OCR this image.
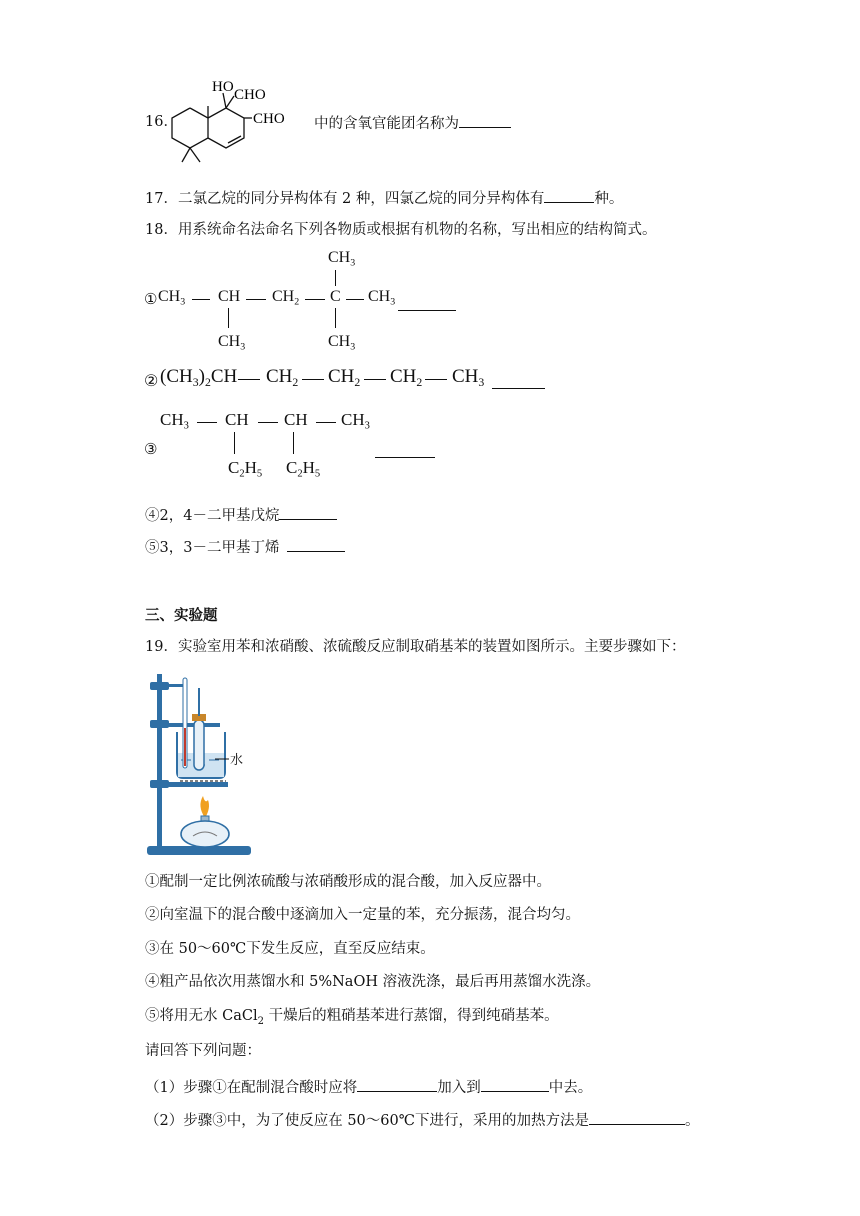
16．
HO CHO
CHO 中的含氧官能团名称为
17．二氯乙烷的同分异构体有 2 种，四氯乙烷的同分异构体有	种。
18．用系统命名法命名下列各物质或根据有机物的名称，写出相应的结构简式。
① $CH_3$ CH
$CH_3$
$CH_2$ C
$CH_3$
$CH_3$
$CH_3$
② $(CH_3)_2CH$ $CH_2$ $CH_2$ $CH_2$ $CH_3$
③
$CH_3$ CH
$C_2H_5$
CH
$C_2H_5$
$CH_3$
④2，4－二甲基戊烷
⑤3，3－二甲基丁烯
三、实验题
19．实验室用苯和浓硝酸、浓硫酸反应制取硝基苯的装置如图所示。主要步骤如下：
水
①配制一定比例浓硫酸与浓硝酸形成的混合酸，加入反应器中。
②向室温下的混合酸中逐滴加入一定量的苯，充分振荡，混合均匀。
③在 50～60℃下发生反应，直至反应结束。
④粗产品依次用蒸馏水和 5%NaOH 溶液洗涤，最后再用蒸馏水洗涤。
⑤将用无水 CaCl$_2$ 干燥后的粗硝基苯进行蒸馏，得到纯硝基苯。
请回答下列问题：
（1）步骤①在配制混合酸时应将	加入到	中去。
（2）步骤③中，为了使反应在 50～60℃下进行，采用的加热方法是	。
